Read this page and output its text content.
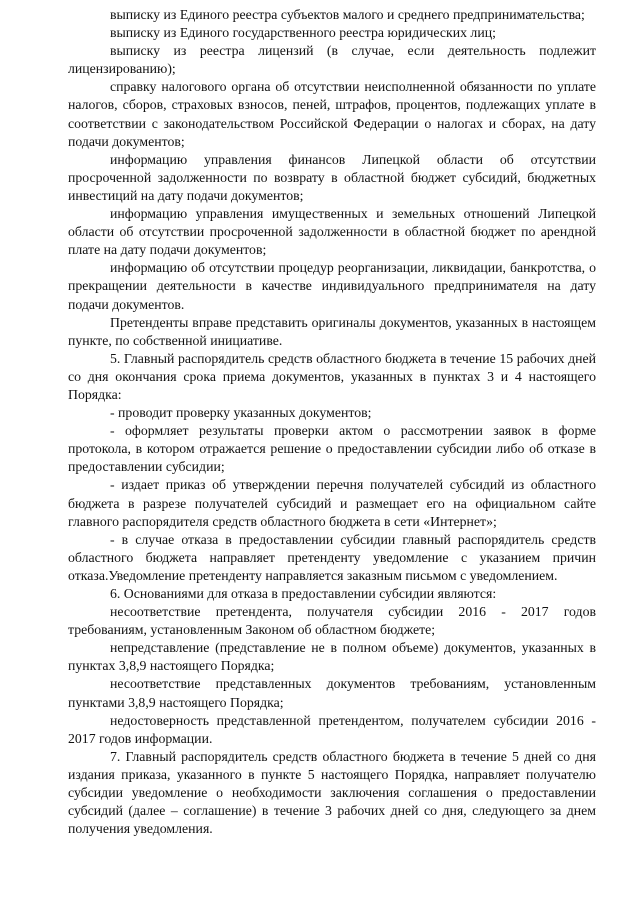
выписку из Единого реестра субъектов малого и среднего предпринимательства;

выписку из Единого государственного реестра юридических лиц;

выписку из реестра лицензий (в случае, если деятельность подлежит лицензированию);

справку налогового органа об отсутствии неисполненной обязанности по уплате налогов, сборов, страховых взносов, пеней, штрафов, процентов, подлежащих уплате в соответствии с законодательством Российской Федерации о налогах и сборах, на дату подачи документов;

информацию управления финансов Липецкой области об отсутствии просроченной задолженности по возврату в областной бюджет субсидий, бюджетных инвестиций на дату подачи документов;

информацию управления имущественных и земельных отношений Липецкой области об отсутствии просроченной задолженности в областной бюджет по арендной плате на дату подачи документов;

информацию об отсутствии процедур реорганизации, ликвидации, банкротства, о прекращении деятельности в качестве индивидуального предпринимателя на дату подачи документов.

Претенденты вправе представить оригиналы документов, указанных в настоящем пункте, по собственной инициативе.

5. Главный распорядитель средств областного бюджета в течение 15 рабочих дней со дня окончания срока приема документов, указанных в пунктах 3 и 4 настоящего Порядка:

- проводит проверку указанных документов;

- оформляет результаты проверки актом о рассмотрении заявок в форме протокола, в котором отражается решение о предоставлении субсидии либо об отказе в предоставлении субсидии;

- издает приказ об утверждении перечня получателей субсидий из областного бюджета в разрезе получателей субсидий и размещает его на официальном сайте главного распорядителя средств областного бюджета в сети «Интернет»;

- в случае отказа в предоставлении субсидии главный распорядитель средств областного бюджета направляет претенденту уведомление с указанием причин отказа.Уведомление претенденту направляется заказным письмом с уведомлением.

6. Основаниями для отказа в предоставлении субсидии являются:

несоответствие претендента, получателя субсидии 2016 - 2017 годов требованиям, установленным Законом об областном бюджете;

непредставление (представление не в полном объеме) документов, указанных в пунктах 3,8,9 настоящего Порядка;

несоответствие представленных документов требованиям, установленным пунктами 3,8,9 настоящего Порядка;

недостоверность представленной претендентом, получателем субсидии 2016 - 2017 годов информации.

7. Главный распорядитель средств областного бюджета в течение 5 дней со дня издания приказа, указанного в пункте 5 настоящего Порядка, направляет получателю субсидии уведомление о необходимости заключения соглашения о предоставлении субсидий (далее – соглашение) в течение 3 рабочих дней со дня, следующего за днем получения уведомления.
